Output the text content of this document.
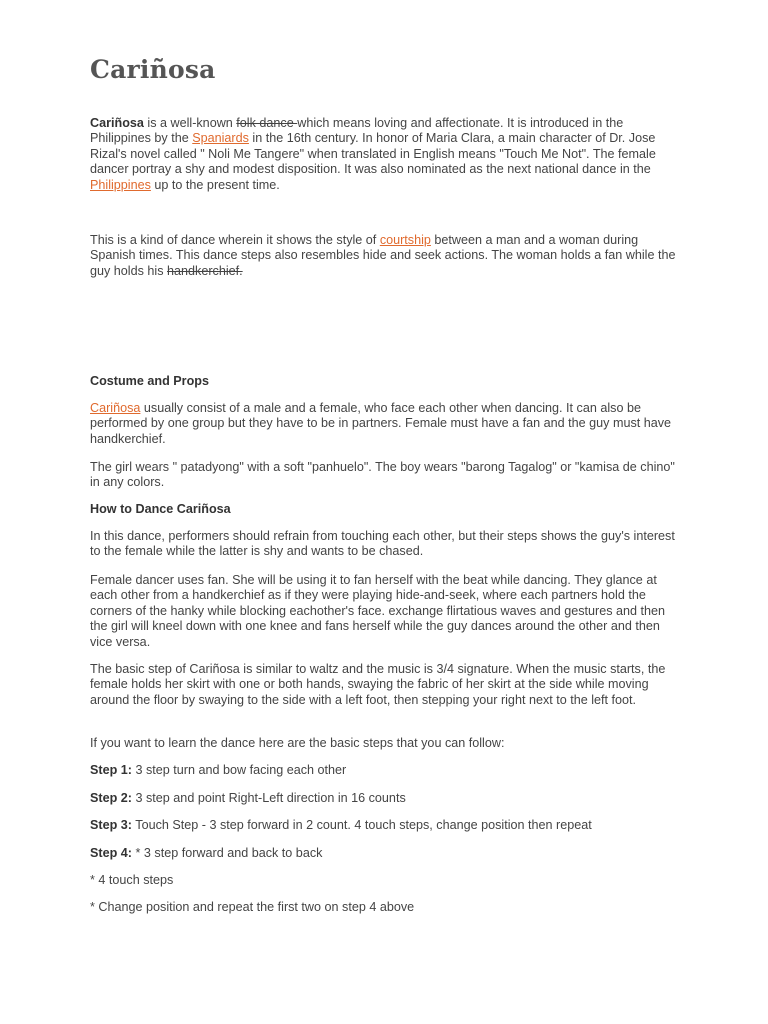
Cariñosa

Cariñosa is a well-known folk dance which means loving and affectionate. It is introduced in the Philippines by the Spaniards in the 16th century. In honor of Maria Clara, a main character of Dr. Jose Rizal's novel called " Noli Me Tangere" when translated in English means "Touch Me Not". The female dancer portray a shy and modest disposition. It was also nominated as the next national dance in the Philippines up to the present time.

This is a kind of dance wherein it shows the style of courtship between a man and a woman during Spanish times. This dance steps also resembles hide and seek actions. The woman holds a fan while the guy holds his handkerchief.

Costume and Props

Cariñosa usually consist of a male and a female, who face each other when dancing. It can also be performed by one group but they have to be in partners. Female must have a fan and the guy must have handkerchief.

The girl wears " patadyong" with a soft "panhuelo". The boy wears "barong Tagalog" or "kamisa de chino" in any colors.

How to Dance Cariñosa

In this dance, performers should refrain from touching each other, but their steps shows the guy's interest to the female while the latter is shy and wants to be chased.

Female dancer uses fan. She will be using it to fan herself with the beat while dancing. They glance at each other from a handkerchief as if they were playing hide-and-seek, where each partners hold the corners of the hanky while blocking eachother's face. exchange flirtatious waves and gestures and then the girl will kneel down with one knee and fans herself while the guy dances around the other and then vice versa.

The basic step of Cariñosa is similar to waltz and the music is 3/4 signature. When the music starts, the female holds her skirt with one or both hands, swaying the fabric of her skirt at the side while moving around the floor by swaying to the side with a left foot, then stepping your right next to the left foot.

If you want to learn the dance here are the basic steps that you can follow:

Step 1: 3 step turn and bow facing each other

Step 2: 3 step and point Right-Left direction in 16 counts

Step 3: Touch Step - 3 step forward in 2 count. 4 touch steps, change position then repeat

Step 4: * 3 step forward and back to back

* 4 touch steps

* Change position and repeat the first two on step 4 above
